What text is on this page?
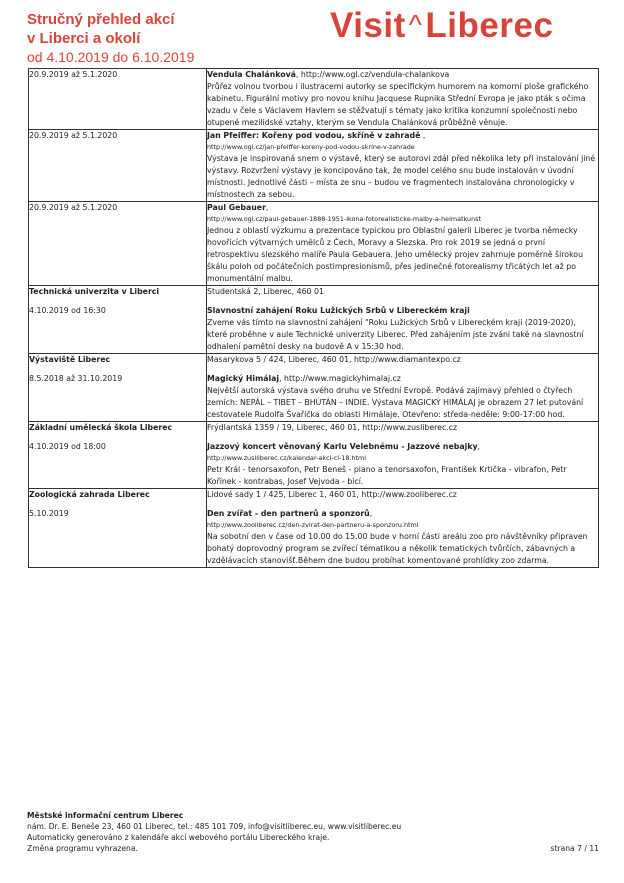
Stručný přehled akcí
v Liberci a okolí
od 4.10.2019 do 6.10.2019
Visit ^Liberec
20.9.2019 až 5.1.2020	Vendula Chalánková, http://www.ogl.cz/vendula-chalankova
Průřez volnou tvorbou i ilustracemi autorky se specifickým humorem na komorní ploše grafického kabinetu. Figurální motivy pro novou knihu Jacquese Rupnika Střední Evropa je jako pták s očima vzadu v čele s Václavem Havlem se stěžvatují s tématy jako kritika konzumní společnosti nebo otupené mezilidské vztahy, kterým se Vendula Chalánková průběžně věnuje.

20.9.2019 až 5.1.2020	Jan Pfeiffer: Kořeny pod vodou, skříně v zahradě ,
http://www.ogl.cz/jan-pfeiffer-koreny-pod-vodou-skrine-v-zahrade
Výstava je inspirovaná snem o výstavě, který se autorovi zdál před několika lety při instalování jiné výstavy. Rozvržení výstavy je koncipováno tak, že model celého snu bude instalován v úvodní místnosti. Jednotlivé části – místa ze snu – budou ve fragmentech instalována chronologicky v místnostech za sebou.

20.9.2019 až 5.1.2020	Paul Gebauer,
http://www.ogl.cz/paul-gebauer-1888-1951-ikona-fotorealisticke-malby-a-heimatkunst
Jednou z oblastí výzkumu a prezentace typickou pro Oblastní galerii Liberec je tvorba německy hovořících výtvarných umělců z Čech, Moravy a Slezska. Pro rok 2019 se jedná o první retrospektivu slezského malíře Paula Gebauera. Jeho umělecký projev zahrnuje poměrně širokou škálu poloh od počátečních postimpresionismů, přes jedinečné fotorealismy třicátých let až po monumentální malbu.

Technická univerzita v Liberci
4.10.2019 od 16:30	Studentská 2, Liberec, 460 01
Slavnostní zahájení Roku Lužických Srbů v Libereckém kraji
Zveme vás tímto na slavnostní zahájení "Roku Lužických Srbů v Libereckém kraji (2019-2020), které proběhne v aule Technické univerzity Liberec. Před zahájením jste zváni také na slavnostní odhalení pamětní desky na budově A v 15:30 hod.

Výstaviště Liberec
8.5.2018 až 31.10.2019	Masarykova 5 / 424, Liberec, 460 01, http://www.diamantexpo.cz
Magický Himálaj, http://www.magickyhimalaj.cz
Největší autorská výstava svého druhu ve Střední Evropě. Podává zajímavý přehled o čtyřech zemích: NEPÁL – TIBET – BHÚTÁN – INDIE. Výstava MAGICKÝ HIMÁLAJ je obrazem 27 let putování cestovatele Rudolfa Švaříčka do oblasti Himálaje. Otevřeno: středa-neděle: 9:00-17:00 hod.

Základní umělecká škola Liberec
4.10.2019 od 18:00	Frýdlantská 1359 / 19, Liberec, 460 01, http://www.zusliberec.cz
Jazzový koncert věnovaný Karlu Velebnému - Jazzové nebajky,
http://www.zuslliberec.cz/kalendar-akci-cl-18.html
Petr Král - tenorsaxofon, Petr Beneš - piano a tenorsaxofon, František Krtička - vibrafon, Petr Kořínek - kontrabas, Josef Vejvoda - bicí.

Zoologická zahrada Liberec
5.10.2019	Lidové sady 1 / 425, Liberec 1, 460 01, http://www.zooliberec.cz
Den zvířat - den partnerů a sponzorů,
http://www.zooliberec.cz/den-zvirat-den-partneru-a-sponzoru.html
Na sobotní den v čase od 10.00 do 15.00 bude v horní části areálu zoo pro návštěvníky připraven bohatý doprovodný program se zvířecí tématikou a několik tematických tvůrčích, zábavných a vzdělávacích stanovišť.Během dne budou probíhat komentované prohlídky zoo zdarma.
Městské informační centrum Liberec
nám. Dr. E. Beneše 23, 460 01 Liberec, tel.: 485 101 709, info@visitliberec.eu, www.visitliberec.eu
Automaticky generováno z kalendáře akcí webového portálu Libereckého kraje.
Změna programu vyhrazena.	strana 7 / 11
